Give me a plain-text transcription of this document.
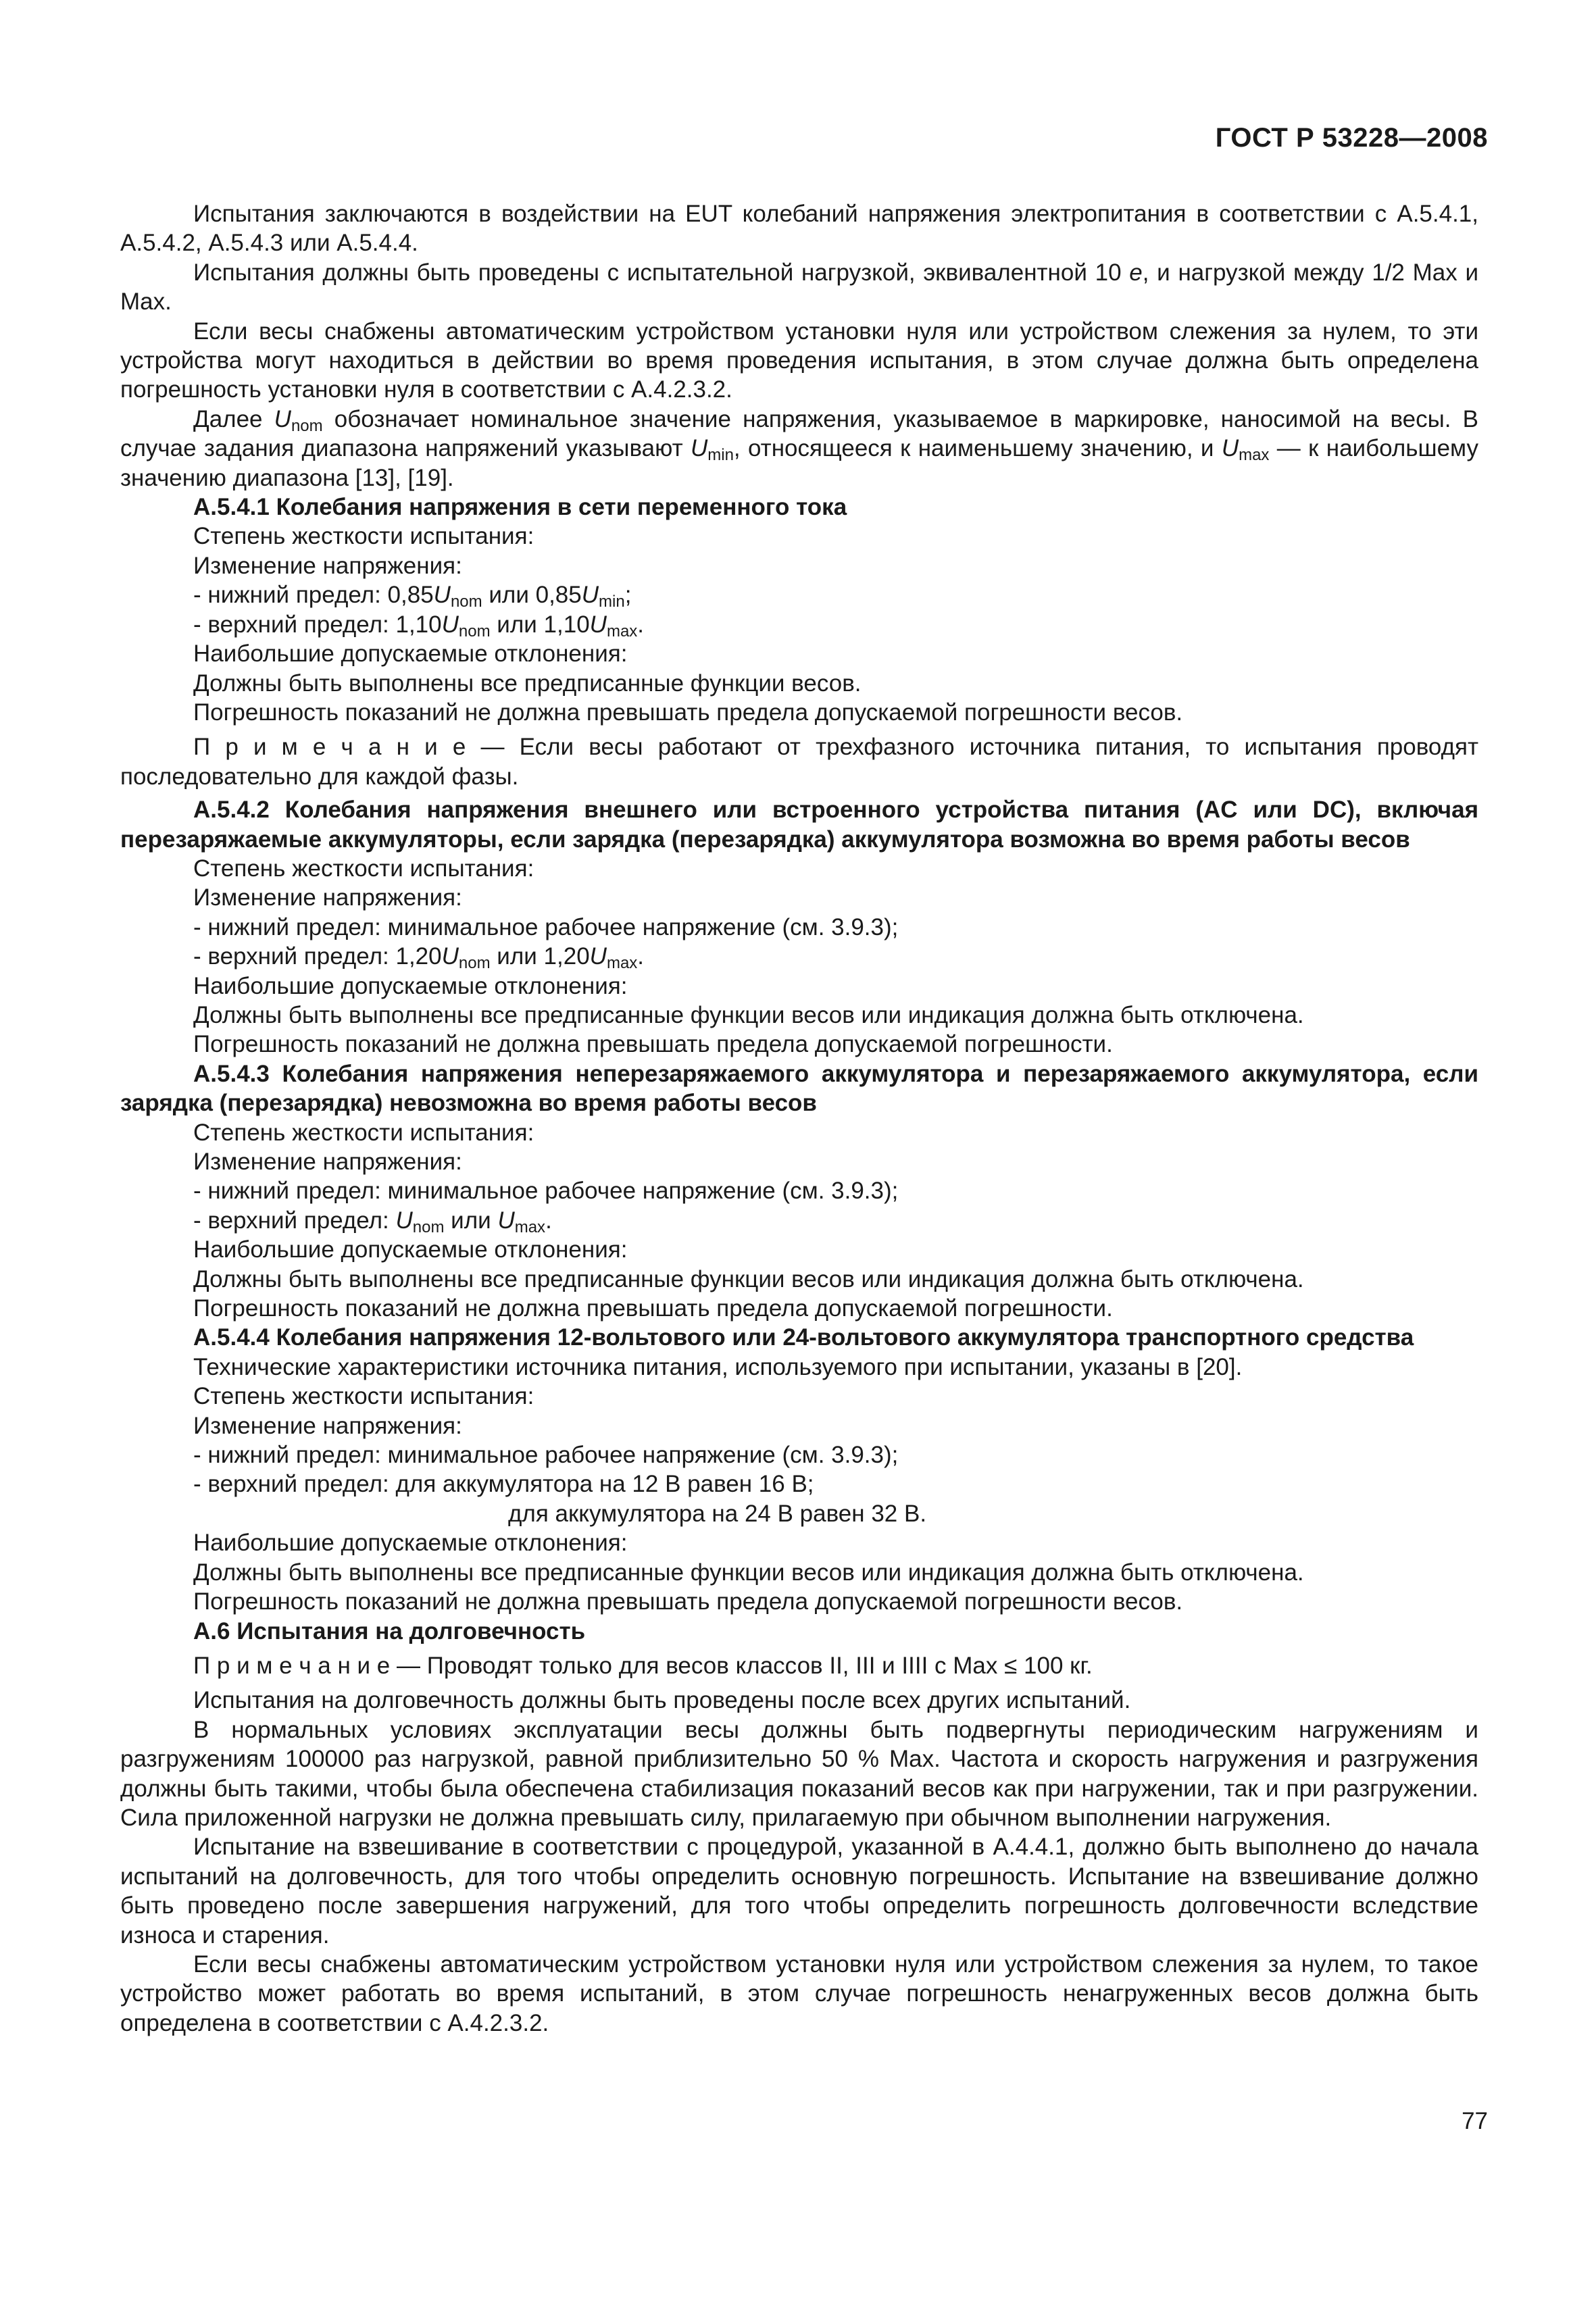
ГОСТ Р 53228—2008

Испытания заключаются в воздействии на EUT колебаний напряжения электропитания в соответствии с А.5.4.1, А.5.4.2, А.5.4.3 или А.5.4.4.

Испытания должны быть проведены с испытательной нагрузкой, эквивалентной 10 e, и нагрузкой между 1/2 Max и Max.

Если весы снабжены автоматическим устройством установки нуля или устройством слежения за нулем, то эти устройства могут находиться в действии во время проведения испытания, в этом случае должна быть определена погрешность установки нуля в соответствии с А.4.2.3.2.

Далее $U_{nom}$ обозначает номинальное значение напряжения, указываемое в маркировке, наносимой на весы. В случае задания диапазона напряжений указывают $U_{min}$, относящееся к наименьшему значению, и $U_{max}$ — к наибольшему значению диапазона [13], [19].

А.5.4.1 Колебания напряжения в сети переменного тока

Степень жесткости испытания:

Изменение напряжения:

- нижний предел: $0,85U_{nom}$ или $0,85U_{min}$;

- верхний предел: $1,10U_{nom}$ или $1,10U_{max}$.

Наибольшие допускаемые отклонения:

Должны быть выполнены все предписанные функции весов.

Погрешность показаний не должна превышать предела допускаемой погрешности весов.

П р и м е ч а н и е — Если весы работают от трехфазного источника питания, то испытания проводят последовательно для каждой фазы.

А.5.4.2 Колебания напряжения внешнего или встроенного устройства питания (AC или DC), включая перезаряжаемые аккумуляторы, если зарядка (перезарядка) аккумулятора возможна во время работы весов

Степень жесткости испытания:

Изменение напряжения:

- нижний предел: минимальное рабочее напряжение (см. 3.9.3);

- верхний предел: $1,20U_{nom}$ или $1,20U_{max}$.

Наибольшие допускаемые отклонения:

Должны быть выполнены все предписанные функции весов или индикация должна быть отключена.

Погрешность показаний не должна превышать предела допускаемой погрешности.

А.5.4.3 Колебания напряжения неперезаряжаемого аккумулятора и перезаряжаемого аккумулятора, если зарядка (перезарядка) невозможна во время работы весов

Степень жесткости испытания:

Изменение напряжения:

- нижний предел: минимальное рабочее напряжение (см. 3.9.3);

- верхний предел: $U_{nom}$ или $U_{max}$.

Наибольшие допускаемые отклонения:

Должны быть выполнены все предписанные функции весов или индикация должна быть отключена.

Погрешность показаний не должна превышать предела допускаемой погрешности.

А.5.4.4 Колебания напряжения 12-вольтового или 24-вольтового аккумулятора транспортного средства

Технические характеристики источника питания, используемого при испытании, указаны в [20].

Степень жесткости испытания:

Изменение напряжения:

- нижний предел: минимальное рабочее напряжение (см. 3.9.3);

- верхний предел: для аккумулятора на 12 В равен 16 В;

для аккумулятора на 24 В равен 32 В.

Наибольшие допускаемые отклонения:

Должны быть выполнены все предписанные функции весов или индикация должна быть отключена.

Погрешность показаний не должна превышать предела допускаемой погрешности весов.

А.6 Испытания на долговечность

П р и м е ч а н и е — Проводят только для весов классов II, III и IIII с Max ≤ 100 кг.

Испытания на долговечность должны быть проведены после всех других испытаний.

В нормальных условиях эксплуатации весы должны быть подвергнуты периодическим нагружениям и разгружениям 100000 раз нагрузкой, равной приблизительно 50 % Max. Частота и скорость нагружения и разгружения должны быть такими, чтобы была обеспечена стабилизация показаний весов как при нагружении, так и при разгружении. Сила приложенной нагрузки не должна превышать силу, прилагаемую при обычном выполнении нагружения.

Испытание на взвешивание в соответствии с процедурой, указанной в А.4.4.1, должно быть выполнено до начала испытаний на долговечность, для того чтобы определить основную погрешность. Испытание на взвешивание должно быть проведено после завершения нагружений, для того чтобы определить погрешность долговечности вследствие износа и старения.

Если весы снабжены автоматическим устройством установки нуля или устройством слежения за нулем, то такое устройство может работать во время испытаний, в этом случае погрешность ненагруженных весов должна быть определена в соответствии с А.4.2.3.2.

77
